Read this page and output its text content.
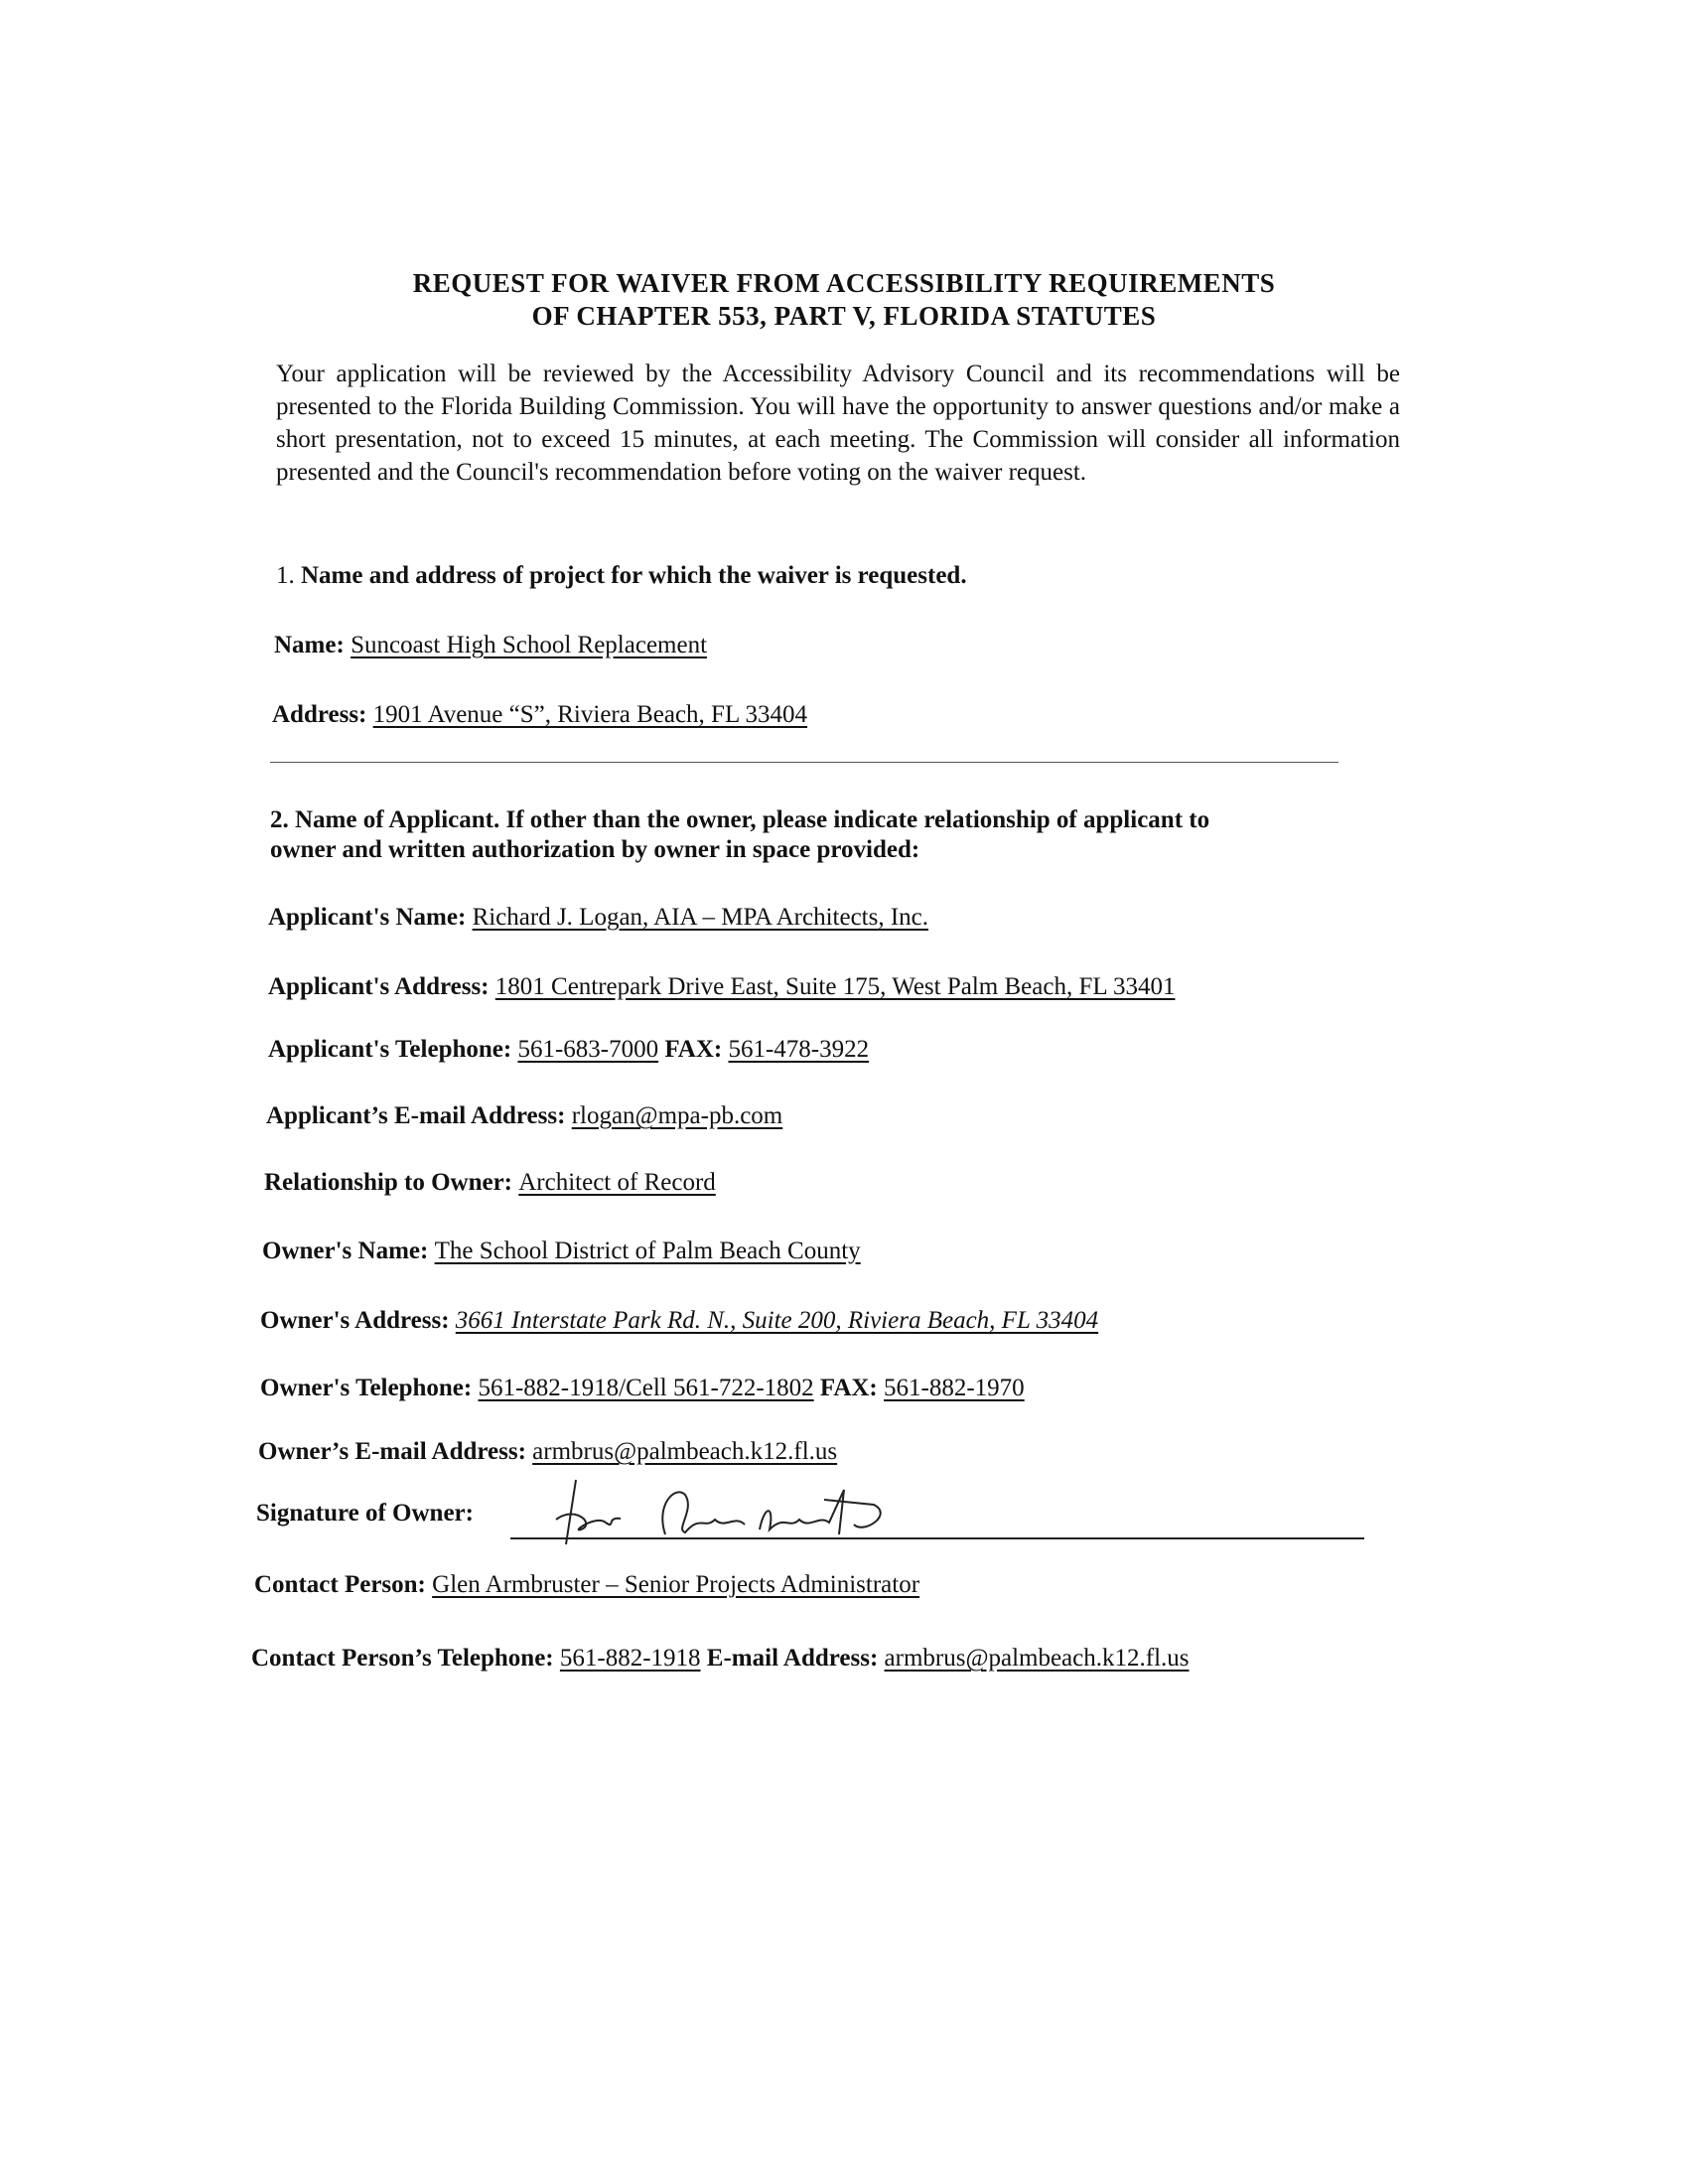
REQUEST FOR WAIVER FROM ACCESSIBILITY REQUIREMENTS
OF CHAPTER 553, PART V, FLORIDA STATUTES
Your application will be reviewed by the Accessibility Advisory Council and its recommendations will be presented to the Florida Building Commission. You will have the opportunity to answer questions and/or make a short presentation, not to exceed 15 minutes, at each meeting. The Commission will consider all information presented and the Council's recommendation before voting on the waiver request.
1. Name and address of project for which the waiver is requested.
Name: Suncoast High School Replacement
Address: 1901 Avenue “S”, Riviera Beach, FL 33404
2. Name of Applicant. If other than the owner, please indicate relationship of applicant to
owner and written authorization by owner in space provided:
Applicant's Name: Richard J. Logan, AIA – MPA Architects, Inc.
Applicant's Address: 1801 Centrepark Drive East, Suite 175, West Palm Beach, FL 33401
Applicant's Telephone: 561-683-7000 FAX: 561-478-3922
Applicant’s E-mail Address: rlogan@mpa-pb.com
Relationship to Owner: Architect of Record
Owner's Name: The School District of Palm Beach County
Owner's Address: 3661 Interstate Park Rd. N., Suite 200, Riviera Beach, FL 33404
Owner's Telephone: 561-882-1918/Cell 561-722-1802 FAX: 561-882-1970
Owner’s E-mail Address: armbrus@palmbeach.k12.fl.us
Signature of Owner:
Contact Person: Glen Armbruster – Senior Projects Administrator
Contact Person’s Telephone: 561-882-1918 E-mail Address: armbrus@palmbeach.k12.fl.us
